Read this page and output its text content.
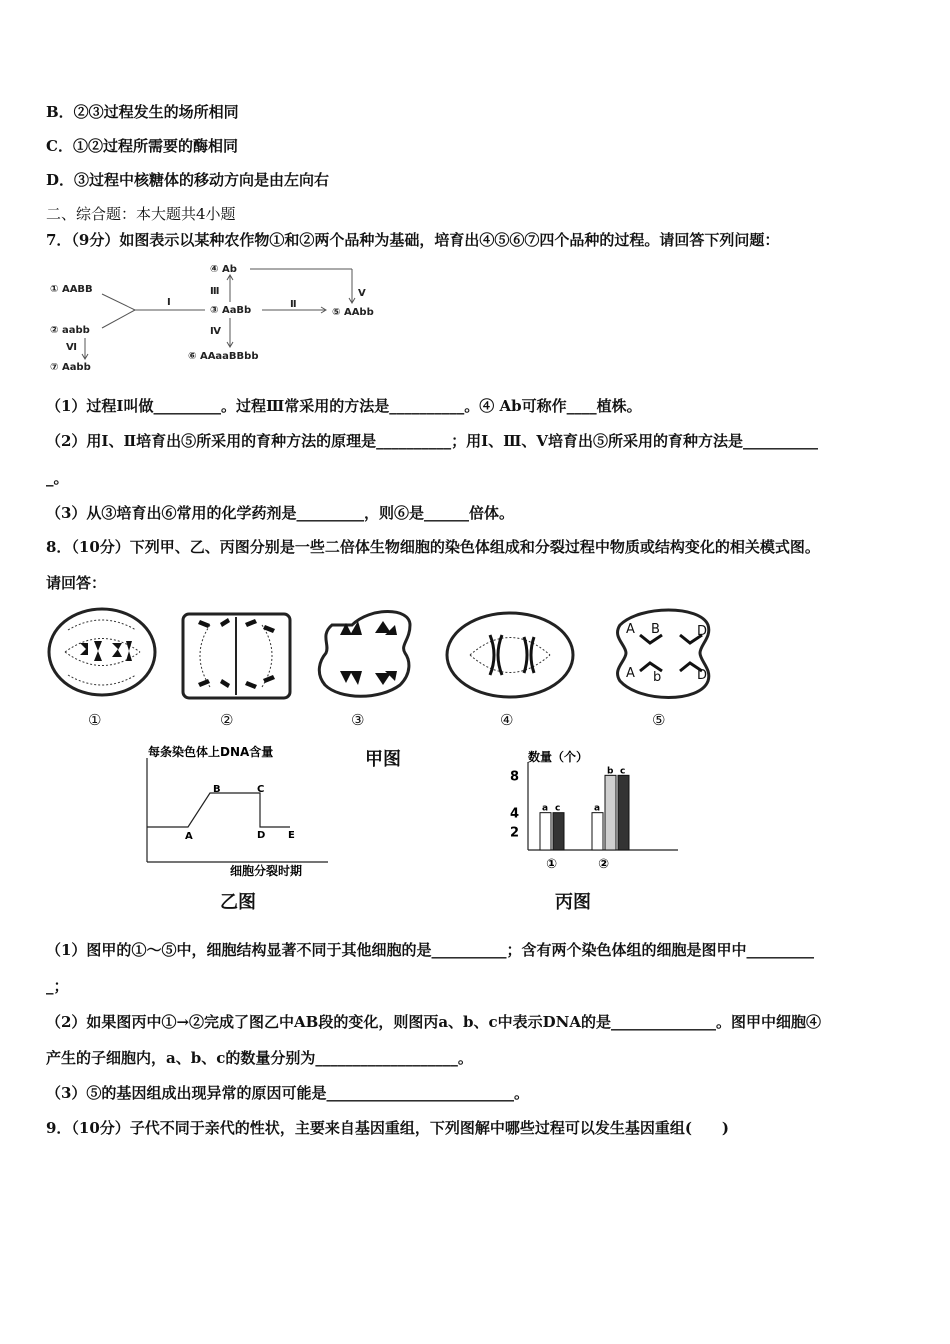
B．②③过程发生的场所相同
C．①②过程所需要的酶相同
D．③过程中核糖体的移动方向是由左向右
二、综合题：本大题共4小题
7．（9分）如图表示以某种农作物①和②两个品种为基础，培育出④⑤⑥⑦四个品种的过程。请回答下列问题：
① AABB
② aabb
③ AaBb
④ Ab
⑤ AAbb
⑥ AAaaBBbb
⑦ Aabb
Ⅰ	Ⅱ
Ⅲ
Ⅳ
Ⅴ
Ⅵ
（1）过程Ⅰ叫做_________。过程Ⅲ常采用的方法是__________。④ Ab可称作____植株。
（2）用Ⅰ、Ⅱ培育出⑤所采用的育种方法的原理是__________；用Ⅰ、Ⅲ、Ⅴ培育出⑤所采用的育种方法是__________
_。
（3）从③培育出⑥常用的化学药剂是_________，则⑥是______倍体。
8．（10分）下列甲、乙、丙图分别是一些二倍体生物细胞的染色体组成和分裂过程中物质或结构变化的相关模式图。
请回答：
A B	D
A b	D
①	②	③	④	⑤
甲图
每条染色体上DNA含量
细胞分裂时期
A
B	C
D E
乙图
数量（个）
a c	a
b c
2
4
8
①	②
丙图
（1）图甲的①～⑤中，细胞结构显著不同于其他细胞的是__________；含有两个染色体组的细胞是图甲中_________
_；
（2）如果图丙中①→②完成了图乙中AB段的变化，则图丙a、b、c中表示DNA的是______________。图甲中细胞④
产生的子细胞内，a、b、c的数量分别为___________________。
（3）⑤的基因组成出现异常的原因可能是_________________________。
9．（10分）子代不同于亲代的性状，主要来自基因重组，下列图解中哪些过程可以发生基因重组(　　)
